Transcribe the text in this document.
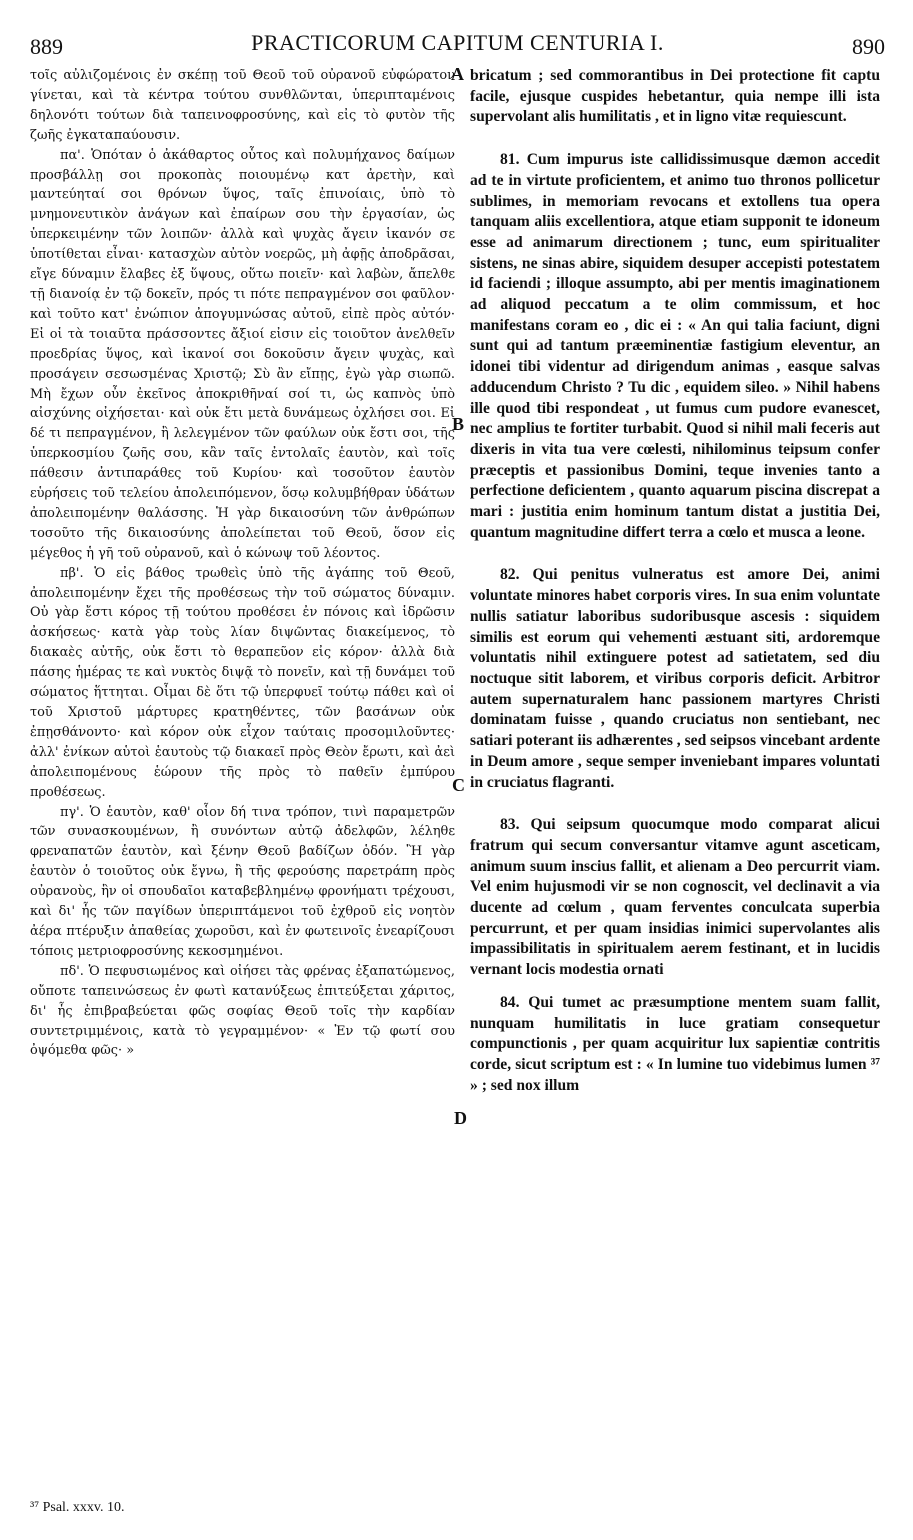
889	PRACTICORUM CAPITUM CENTURIA I.	890

τοῖς αὐλιζομένοις ἐν σκέπῃ τοῦ Θεοῦ τοῦ οὐρανοῦ εὐφώρατον γίνεται, καὶ τὰ κέντρα τούτου συνθλῶνται, ὑπεριπταμένοις δηλονότι τούτων διὰ ταπεινοφροσύνης, καὶ εἰς τὸ φυτὸν τῆς ζωῆς ἐγκαταπαύουσιν.

πα'. Ὁπόταν ὁ ἀκάθαρτος οὗτος καὶ πολυμήχανος δαίμων προσβάλλῃ σοι προκοπὰς ποιουμένῳ κατ ἀρετὴν, καὶ μαντεύηταί σοι θρόνων ὕψος, ταῖς ἐπινοίαις, ὑπὸ τὸ μνημονευτικὸν ἀνάγων καὶ ἐπαίρων σου τὴν ἐργασίαν, ὡς ὑπερκειμένην τῶν λοιπῶν· ἀλλὰ καὶ ψυχὰς ἄγειν ἱκανόν σε ὑποτίθεται εἶναι· κατασχὼν αὐτὸν νοερῶς, μὴ ἀφῇς ἀποδρᾶσαι, εἴγε δύναμιν ἔλαβες ἐξ ὕψους, οὕτω ποιεῖν· καὶ λαβὼν, ἄπελθε τῇ διανοίᾳ ἐν τῷ δοκεῖν, πρός τι πότε πεπραγμένον σοι φαῦλον· καὶ τοῦτο κατ' ἐνώπιον ἀπογυμνώσας αὐτοῦ, εἰπὲ πρὸς αὐτόν· Εἰ οἱ τὰ τοιαῦτα πράσσοντες ἄξιοί εἰσιν εἰς τοιοῦτον ἀνελθεῖν προεδρίας ὕψος, καὶ ἱκανοί σοι δοκοῦσιν ἄγειν ψυχὰς, καὶ προσάγειν σεσωσμένας Χριστῷ; Σὺ ἂν εἴπῃς, ἐγὼ γὰρ σιωπῶ. Μὴ ἔχων οὖν ἐκεῖνος ἀποκριθῆναί σοί τι, ὡς καπνὸς ὑπὸ αἰσχύνης οἰχήσεται· καὶ οὐκ ἔτι μετὰ δυνάμεως ὀχλήσει σοι. Εἰ δέ τι πεπραγμένον, ἢ λελεγμένον τῶν φαύλων οὐκ ἔστι σοι, τῆς ὑπερκοσμίου ζωῆς σου, κἂν ταῖς ἐντολαῖς ἑαυτὸν, καὶ τοῖς πάθεσιν ἀντιπαράθες τοῦ Κυρίου· καὶ τοσοῦτον ἑαυτὸν εὑρήσεις τοῦ τελείου ἀπολειπόμενον, ὅσῳ κολυμβήθραν ὑδάτων ἀπολειπομένην θαλάσσης. Ἡ γὰρ δικαιοσύνη τῶν ἀνθρώπων τοσοῦτο τῆς δικαιοσύνης ἀπολείπεται τοῦ Θεοῦ, ὅσον εἰς μέγεθος ἡ γῆ τοῦ οὐρανοῦ, καὶ ὁ κώνωψ τοῦ λέοντος.

πβ'. Ὁ εἰς βάθος τρωθεὶς ὑπὸ τῆς ἀγάπης τοῦ Θεοῦ, ἀπολειπομένην ἔχει τῆς προθέσεως τὴν τοῦ σώματος δύναμιν. Οὐ γὰρ ἔστι κόρος τῇ τούτου προθέσει ἐν πόνοις καὶ ἱδρῶσιν ἀσκήσεως· κατὰ γὰρ τοὺς λίαν διψῶντας διακείμενος, τὸ διακαὲς αὐτῆς, οὐκ ἔστι τὸ θεραπεῦον εἰς κόρον· ἀλλὰ διὰ πάσης ἡμέρας τε καὶ νυκτὸς διψᾷ τὸ πονεῖν, καὶ τῇ δυνάμει τοῦ σώματος ἥττηται. Οἶμαι δὲ ὅτι τῷ ὑπερφυεῖ τούτῳ πάθει καὶ οἱ τοῦ Χριστοῦ μάρτυρες κρατηθέντες, τῶν βασάνων οὐκ ἐπῃσθάνοντο· καὶ κόρον οὐκ εἶχον ταύταις προσομιλοῦντες· ἀλλ' ἐνίκων αὑτοὶ ἑαυτοὺς τῷ διακαεῖ πρὸς Θεὸν ἔρωτι, καὶ ἀεὶ ἀπολειπομένους ἑώρουν τῆς πρὸς τὸ παθεῖν ἐμπύρου προθέσεως.

πγ'. Ὁ ἑαυτὸν, καθ' οἷον δή τινα τρόπον, τινὶ παραμετρῶν τῶν συνασκουμένων, ἢ συνόντων αὐτῷ ἀδελφῶν, λέληθε φρεναπατῶν ἑαυτὸν, καὶ ξένην Θεοῦ βαδίζων ὁδόν. Ἢ γὰρ ἑαυτὸν ὁ τοιοῦτος οὐκ ἔγνω, ἢ τῆς φερούσης παρετράπη πρὸς οὐρανοὺς, ἣν οἱ σπουδαῖοι καταβεβλημένῳ φρονήματι τρέχουσι, καὶ δι' ἧς τῶν παγίδων ὑπεριπτάμενοι τοῦ ἐχθροῦ εἰς νοητὸν ἀέρα πτέρυξιν ἀπαθείας χωροῦσι, καὶ ἐν φωτεινοῖς ἐνεαρίζουσι τόποις μετριοφροσύνης κεκοσμημένοι.

πδ'. Ὁ πεφυσιωμένος καὶ οἰήσει τὰς φρένας ἐξαπατώμενος, οὔποτε ταπεινώσεως ἐν φωτὶ κατανύξεως ἐπιτεύξεται χάριτος, δι' ἧς ἐπιβραβεύεται φῶς σοφίας Θεοῦ τοῖς τὴν καρδίαν συντετριμμένοις, κατὰ τὸ γεγραμμένον· « Ἐν τῷ φωτί σου ὀψόμεθα φῶς· »

bricatum ; sed commorantibus in Dei protectione fit captu facile, ejusque cuspides hebetantur, quia nempe illi ista supervolant alis humilitatis , et in ligno vitæ requiescunt.

81. Cum impurus iste callidissimusque dæmon accedit ad te in virtute proficientem, et animo tuo thronos pollicetur sublimes, in memoriam revocans et extollens tua opera tanquam aliis excellentiora, atque etiam supponit te idoneum esse ad animarum directionem ; tunc, eum spiritualiter sistens, ne sinas abire, siquidem desuper accepisti potestatem id faciendi ; illoque assumpto, abi per mentis imaginationem ad aliquod peccatum a te olim commissum, et hoc manifestans coram eo , dic ei : « An qui talia faciunt, digni sunt qui ad tantum præeminentiæ fastigium eleventur, an idonei tibi videntur ad dirigendum animas , easque salvas adducendum Christo ? Tu dic , equidem sileo. » Nihil habens ille quod tibi respondeat , ut fumus cum pudore evanescet, nec amplius te fortiter turbabit. Quod si nihil mali feceris aut dixeris in vita tua vere cœlesti, nihilominus teipsum confer præceptis et passionibus Domini, teque invenies tanto a perfectione deficientem , quanto aquarum piscina discrepat a mari : justitia enim hominum tantum distat a justitia Dei, quantum magnitudine differt terra a cœlo et musca a leone.

82. Qui penitus vulneratus est amore Dei, animi voluntate minores habet corporis vires. In sua enim voluntate nullis satiatur laboribus sudoribusque ascesis : siquidem similis est eorum qui vehementi æstuant siti, ardoremque voluntatis nihil extinguere potest ad satietatem, sed diu noctuque sitit laborem, et viribus corporis deficit. Arbitror autem supernaturalem hanc passionem martyres Christi dominatam fuisse , quando cruciatus non sentiebant, nec satiari poterant iis adhærentes , sed seipsos vincebant ardente in Deum amore , seque semper inveniebant impares voluntati in cruciatus flagranti.

83. Qui seipsum quocumque modo comparat alicui fratrum qui secum conversantur vitamve agunt asceticam, animum suum inscius fallit, et alienam a Deo percurrit viam. Vel enim hujusmodi vir se non cognoscit, vel declinavit a via ducente ad cœlum , quam ferventes conculcata superbia percurrunt, et per quam insidias inimici supervolantes alis impassibilitatis in spiritualem aerem festinant, et in lucidis vernant locis modestia ornati

84. Qui tumet ac præsumptione mentem suam fallit, nunquam humilitatis in luce gratiam consequetur compunctionis , per quam acquiritur lux sapientiæ contritis corde, sicut scriptum est : « In lumine tuo videbimus lumen ³⁷ » ; sed nox illum

A
B
C
D
³⁷ Psal. xxxv. 10.
